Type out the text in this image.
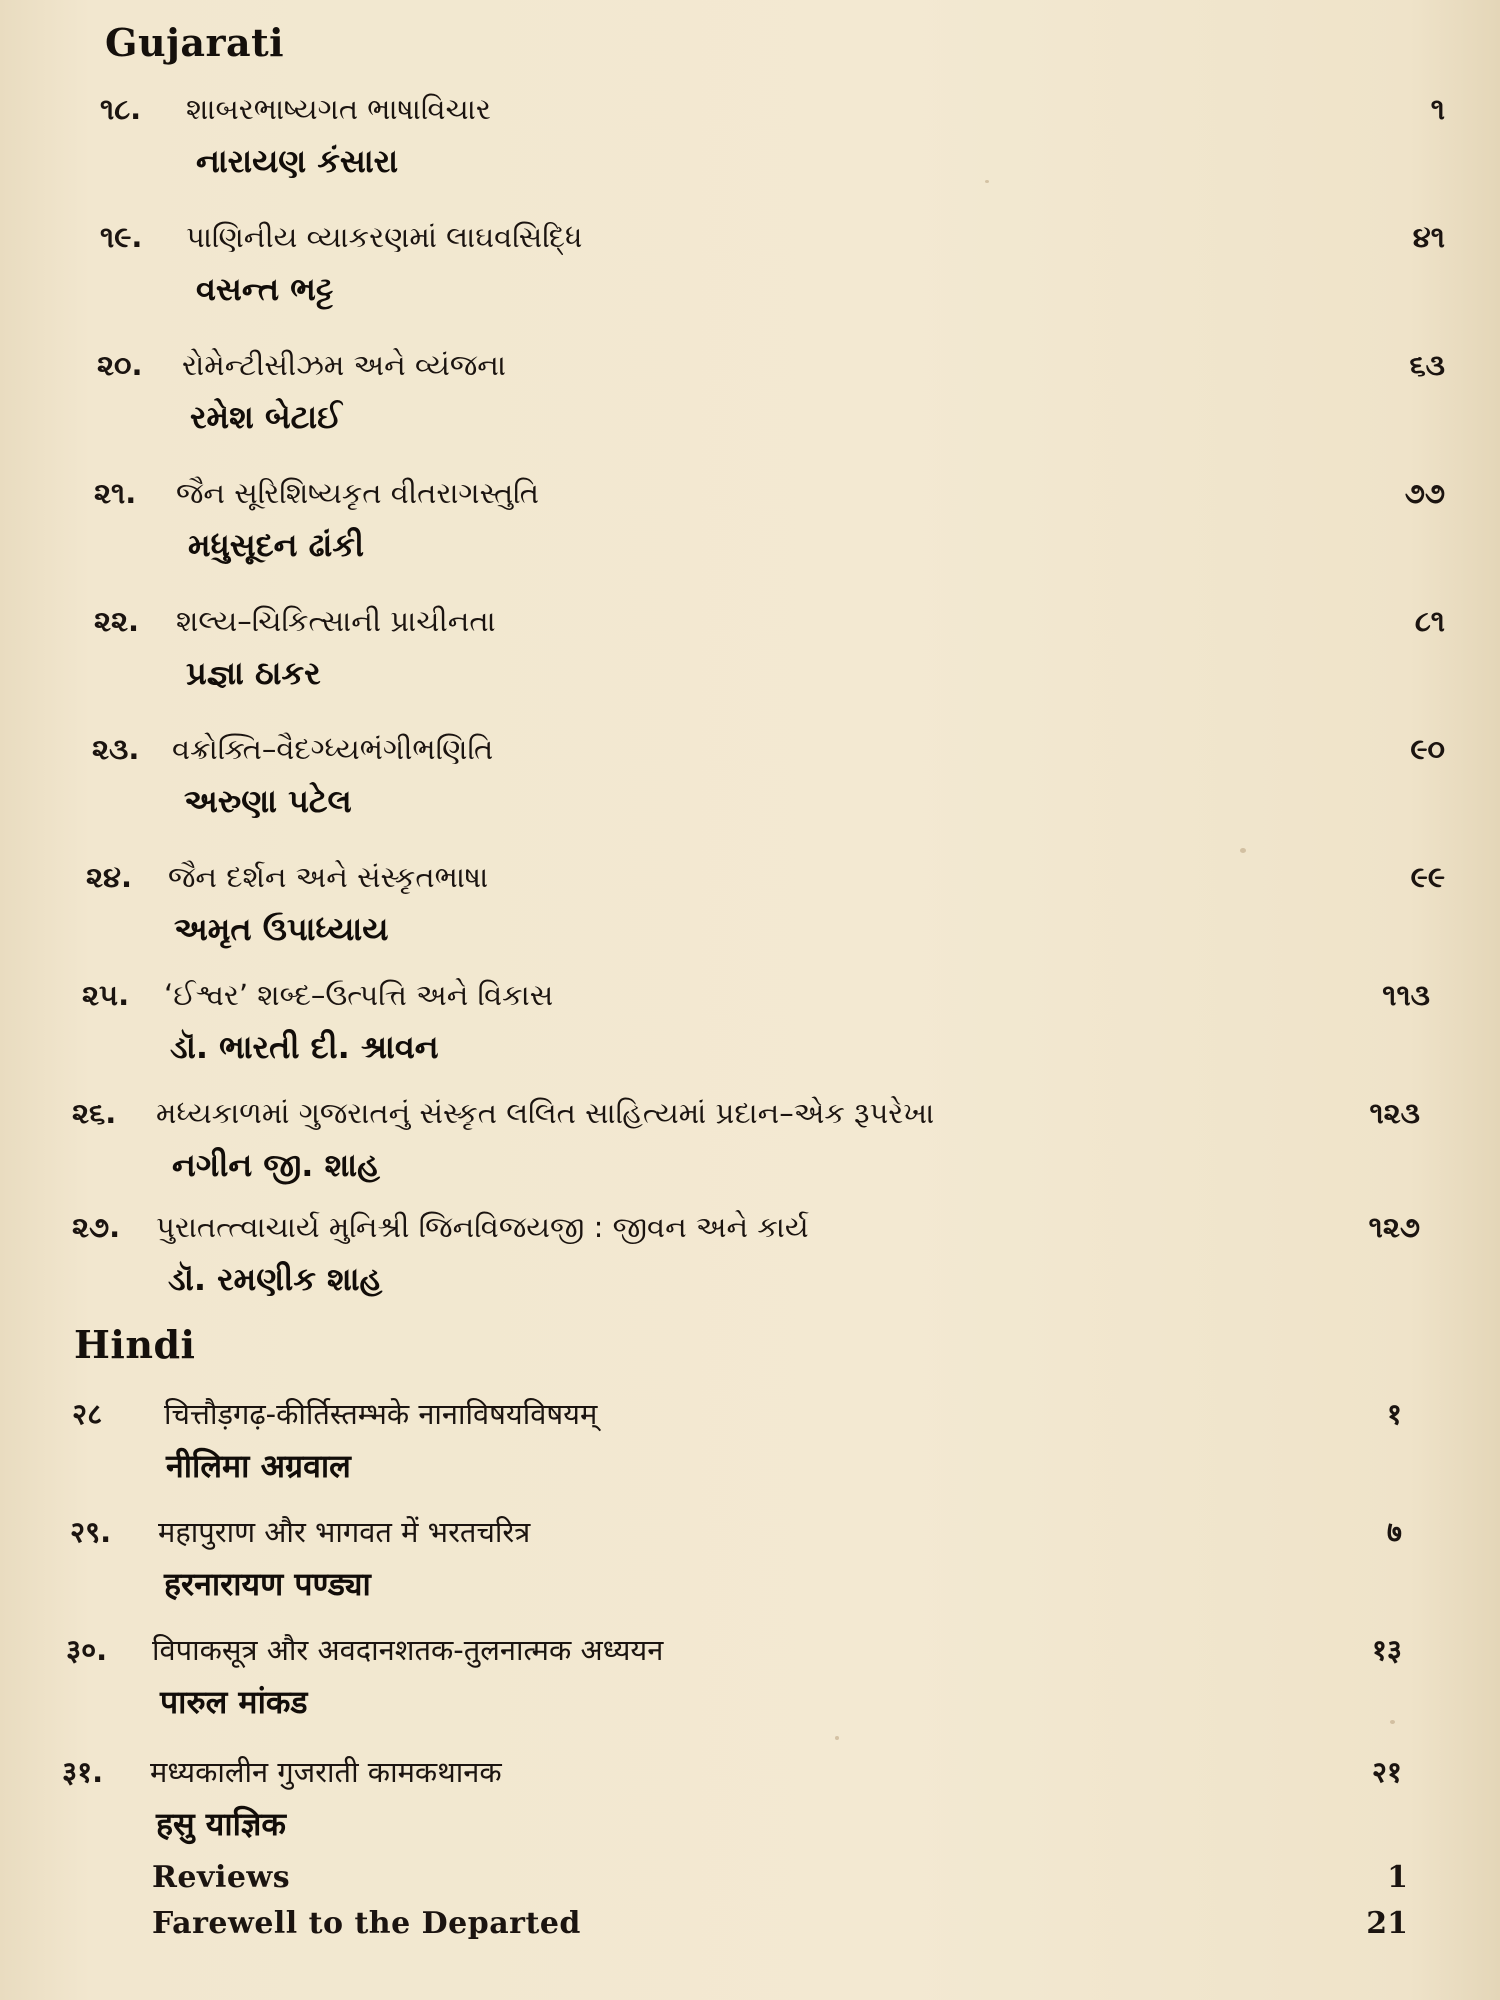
Gujarati
૧૮. શાબરભાષ્યગત ભાષાવિચાર
નારાયણ કંસારા
૧
૧૯. પાણિનીય વ્યાકરણમાં લાઘવસિદ્ધિ
વસન્ત ભટ્ટ
૪૧
૨૦. રોમેન્ટીસીઝમ અને વ્યંજના
રમેશ બેટાઈ
૬૩
૨૧. જૈન સૂરિશિષ્યકૃત વીતરાગસ્તુતિ
મધુસૂદન ઢાંકી
૭૭
૨૨. શલ્ય–ચિકિત્સાની પ્રાચીનતા
પ્રજ્ઞા ઠાકર
૮૧
૨૩. વક્રોક્તિ–વૈદગ્ધ્યભંગીભણિતિ
અરુણા પટેલ
૯૦
૨૪. જૈન દર્શન અને સંસ્કૃતભાષા
અમૃત ઉપાધ્યાય
૯૯
૨૫. ‘ઈશ્વર’ શબ્દ–ઉત્પત્તિ અને વિકાસ
ડૉ. ભારતી દી. શ્રાવન
૧૧૩
૨૬. મધ્યકાળમાં ગુજરાતનું સંસ્કૃત લલિત સાહિત્યમાં પ્રદાન–એક રૂપરેખા
નગીન જી. શાહ
૧૨૩
૨૭. પુરાતત્ત્વાચાર્ય મુનિશ્રી જિનવિજયજી : જીવન અને કાર્ય
ડૉ. રમણીક શાહ
૧૨૭
Hindi
२८ चित्तौड़गढ़-कीर्तिस्तम्भके नानाविषयविषयम्
नीलिमा अग्रवाल
१
२९. महापुराण और भागवत में भरतचरित्र
हरनारायण पण्ड्या
७
३०. विपाकसूत्र और अवदानशतक-तुलनात्मक अध्ययन
पारुल मांकड
१३
३१. मध्यकालीन गुजराती कामकथानक
हसु याज्ञिक
२१
Reviews	1
Farewell to the Departed	21
